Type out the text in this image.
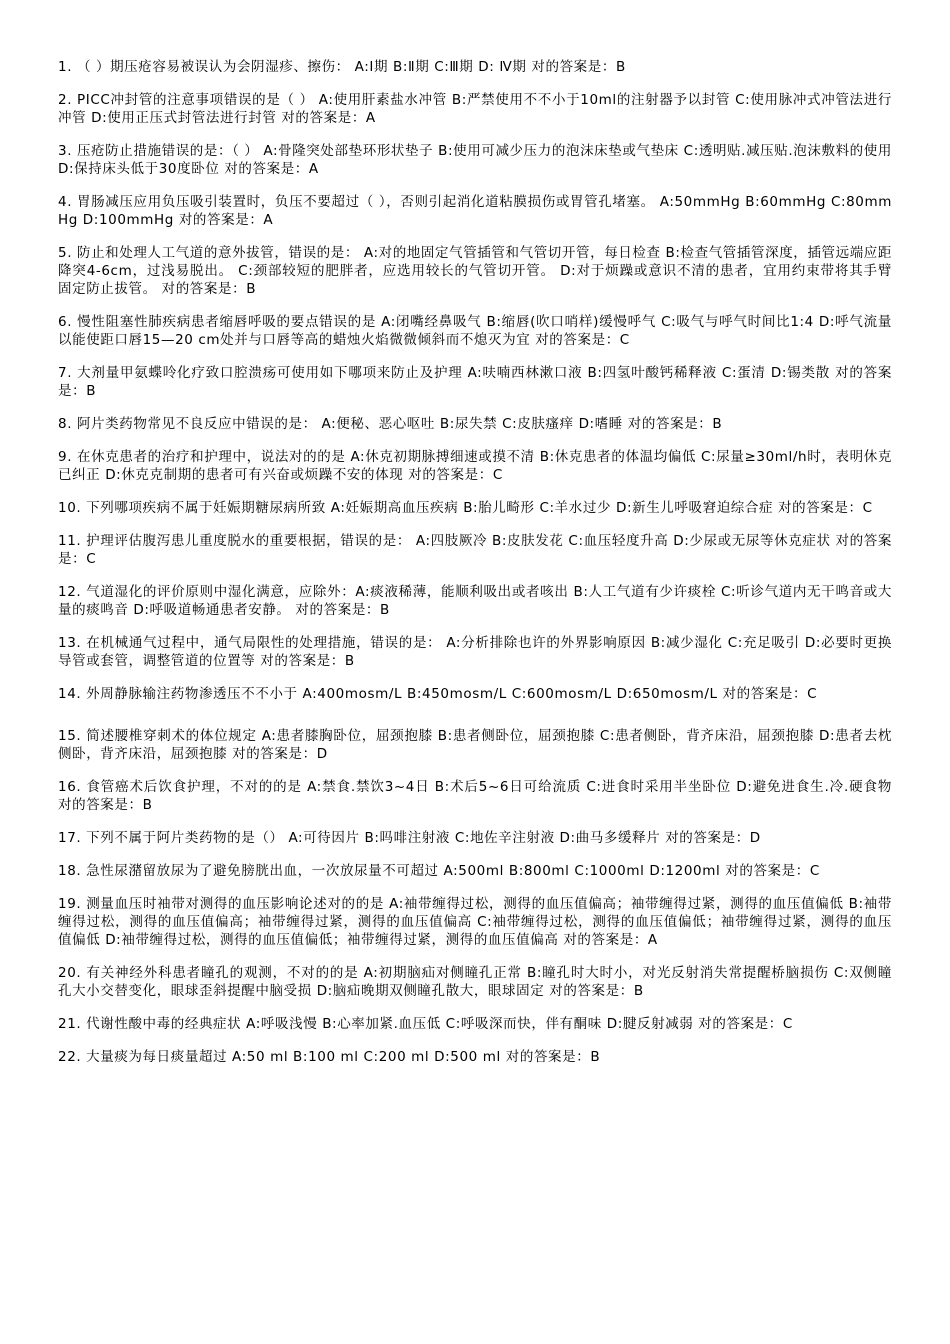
1. （ ）期压疮容易被误认为会阴湿疹、擦伤： A:Ⅰ期 B:Ⅱ期 C:Ⅲ期 D: Ⅳ期 对的答案是：B

2. PICC冲封管的注意事项错误的是（ ） A:使用肝素盐水冲管 B:严禁使用不不小于10ml的注射器予以封管 C:使用脉冲式冲管法进行冲管 D:使用正压式封管法进行封管 对的答案是：A

3. 压疮防止措施错误的是：（ ） A:骨隆突处部垫环形状垫子 B:使用可减少压力的泡沫床垫或气垫床 C:透明贴.减压贴.泡沫敷料的使用 D:保持床头低于30度卧位 对的答案是：A

4. 胃肠减压应用负压吸引装置时，负压不要超过（ ），否则引起消化道粘膜损伤或胃管孔堵塞。 A:50mmHg B:60mmHg C:80mmHg D:100mmHg 对的答案是：A

5. 防止和处理人工气道的意外拔管，错误的是： A:对的地固定气管插管和气管切开管，每日检查 B:检查气管插管深度，插管远端应距降突4-6cm，过浅易脱出。 C:颈部较短的肥胖者，应选用较长的气管切开管。 D:对于烦躁或意识不清的患者，宜用约束带将其手臂固定防止拔管。 对的答案是：B

6. 慢性阻塞性肺疾病患者缩唇呼吸的要点错误的是 A:闭嘴经鼻吸气 B:缩唇(吹口哨样)缓慢呼气 C:吸气与呼气时间比1:4 D:呼气流量以能使距口唇15—20 cm处并与口唇等高的蜡烛火焰微微倾斜而不熄灭为宜 对的答案是：C

7. 大剂量甲氨蝶呤化疗致口腔溃疡可使用如下哪项来防止及护理 A:呋喃西林漱口液 B:四氢叶酸钙稀释液 C:蛋清 D:锡类散 对的答案是：B

8. 阿片类药物常见不良反应中错误的是： A:便秘、恶心呕吐 B:尿失禁 C:皮肤瘙痒 D:嗜睡 对的答案是：B

9. 在休克患者的治疗和护理中，说法对的的是 A:休克初期脉搏细速或摸不清 B:休克患者的体温均偏低 C:尿量≥30ml/h时，表明休克已纠正 D:休克克制期的患者可有兴奋或烦躁不安的体现 对的答案是：C

10. 下列哪项疾病不属于妊娠期糖尿病所致 A:妊娠期高血压疾病 B:胎儿畸形 C:羊水过少 D:新生儿呼吸窘迫综合症 对的答案是：C

11. 护理评估腹泻患儿重度脱水的重要根据，错误的是： A:四肢厥冷 B:皮肤发花 C:血压轻度升高 D:少尿或无尿等休克症状 对的答案是：C

12. 气道湿化的评价原则中湿化满意，应除外：A:痰液稀薄，能顺利吸出或者咳出 B:人工气道有少许痰栓 C:听诊气道内无干鸣音或大量的痰鸣音 D:呼吸道畅通患者安静。 对的答案是：B

13. 在机械通气过程中，通气局限性的处理措施，错误的是： A:分析排除也许的外界影响原因 B:减少湿化 C:充足吸引 D:必要时更换导管或套管，调整管道的位置等 对的答案是：B

14. 外周静脉输注药物渗透压不不小于 A:400mosm/L B:450mosm/L C:600mosm/L D:650mosm/L 对的答案是：C

15. 简述腰椎穿刺术的体位规定 A:患者膝胸卧位，屈颈抱膝 B:患者侧卧位，屈颈抱膝 C:患者侧卧，背齐床沿，屈颈抱膝 D:患者去枕侧卧，背齐床沿，屈颈抱膝 对的答案是：D

16. 食管癌术后饮食护理，不对的的是 A:禁食.禁饮3~4日 B:术后5~6日可给流质 C:进食时采用半坐卧位 D:避免进食生.冷.硬食物 对的答案是：B

17. 下列不属于阿片类药物的是（） A:可待因片 B:吗啡注射液 C:地佐辛注射液 D:曲马多缓释片 对的答案是：D

18. 急性尿潴留放尿为了避免膀胱出血，一次放尿量不可超过 A:500ml B:800ml C:1000ml D:1200ml 对的答案是：C

19. 测量血压时袖带对测得的血压影响论述对的的是 A:袖带缠得过松，测得的血压值偏高；袖带缠得过紧，测得的血压值偏低 B:袖带缠得过松，测得的血压值偏高；袖带缠得过紧，测得的血压值偏高 C:袖带缠得过松，测得的血压值偏低；袖带缠得过紧，测得的血压值偏低 D:袖带缠得过松，测得的血压值偏低；袖带缠得过紧，测得的血压值偏高 对的答案是：A

20. 有关神经外科患者瞳孔的观测，不对的的是 A:初期脑疝对侧瞳孔正常 B:瞳孔时大时小，对光反射消失常提醒桥脑损伤 C:双侧瞳孔大小交替变化，眼球歪斜提醒中脑受损 D:脑疝晚期双侧瞳孔散大，眼球固定 对的答案是：B

21. 代谢性酸中毒的经典症状 A:呼吸浅慢 B:心率加紧.血压低 C:呼吸深而快，伴有酮味 D:腱反射减弱 对的答案是：C

22. 大量痰为每日痰量超过 A:50 ml B:100 ml C:200 ml D:500 ml 对的答案是：B
